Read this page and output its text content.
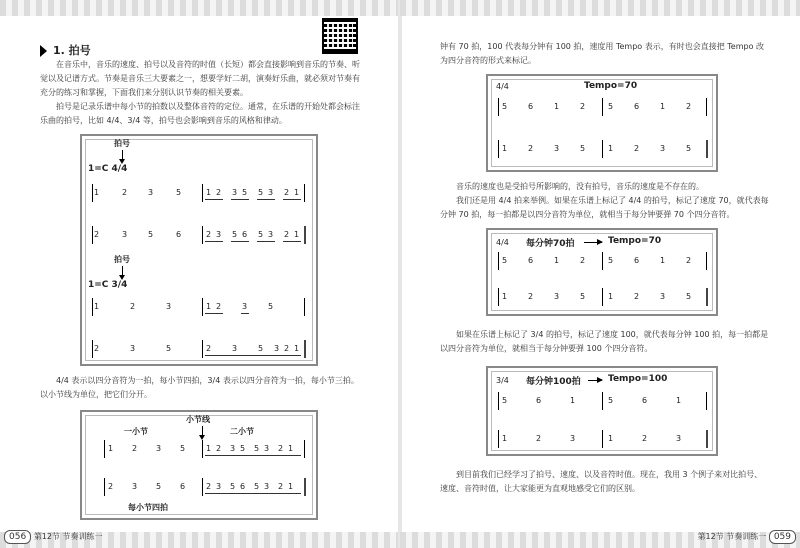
1. 拍号

在音乐中，音乐的速度、拍号以及音符的时值（长短）都会直接影响到音乐的节奏、听觉以及记谱方式。节奏是音乐三大要素之一，想要学好二胡，演奏好乐曲，就必须对节奏有充分的练习和掌握，下面我们来分别认识节奏的相关要素。

拍号是记录乐谱中每小节的拍数以及整体音符的定位。通常，在乐谱的开始处都会标注乐曲的拍号，比如 4/4、3/4 等，拍号也会影响到音乐的风格和律动。

拍号
1=C 4/4
1	2	3	5	1 2 3 5 5 3 2 1
2	3	5	6	2 3 5 6 5 3 2 1
拍号
1=C 3/4
1	2	3	1 2	3	5
2	3	5	2	3	5 3 2 1

4/4 表示以四分音符为一拍，每小节四拍，3/4 表示以四分音符为一拍，每小节三拍。以小节线为单位，把它们分开。

小节线
一小节	二小节
1 2 3 5	1 2 3 5 5 3 2 1
2 3 5 6	2 3 5 6 5 3 2 1
每小节四拍
056 第12节 节奏训练一

钟有 70 拍，100 代表每分钟有 100 拍，速度用 Tempo 表示，有时也会直接把 Tempo 改为四分音符的形式来标记。

4/4	Tempo=70
5	6	1	2	5	6	1	2
1	2	3	5	1	2	3	5

音乐的速度也是受拍号所影响的，没有拍号，音乐的速度是不存在的。

我们还是用 4/4 拍来举例。如果在乐谱上标记了 4/4 的拍号，标记了速度 70，就代表每分钟 70 拍，每一拍都是以四分音符为单位，就相当于每分钟要弹 70 个四分音符。

4/4 每分钟70拍	Tempo=70
5	6	1	2	5	6	1	2
1	2	3	5	1	2	3	5

如果在乐谱上标记了 3/4 的拍号，标记了速度 100，就代表每分钟 100 拍，每一拍都是以四分音符为单位，就相当于每分钟要弹 100 个四分音符。

3/4 每分钟100拍	Tempo=100
5	6	1	5	6	1
1	2	3	1	2	3

到目前我们已经学习了拍号、速度、以及音符时值。现在，我用 3 个例子来对比拍号、速度、音符时值，让大家能更为直观地感受它们的区别。

第12节 节奏训练一 059
